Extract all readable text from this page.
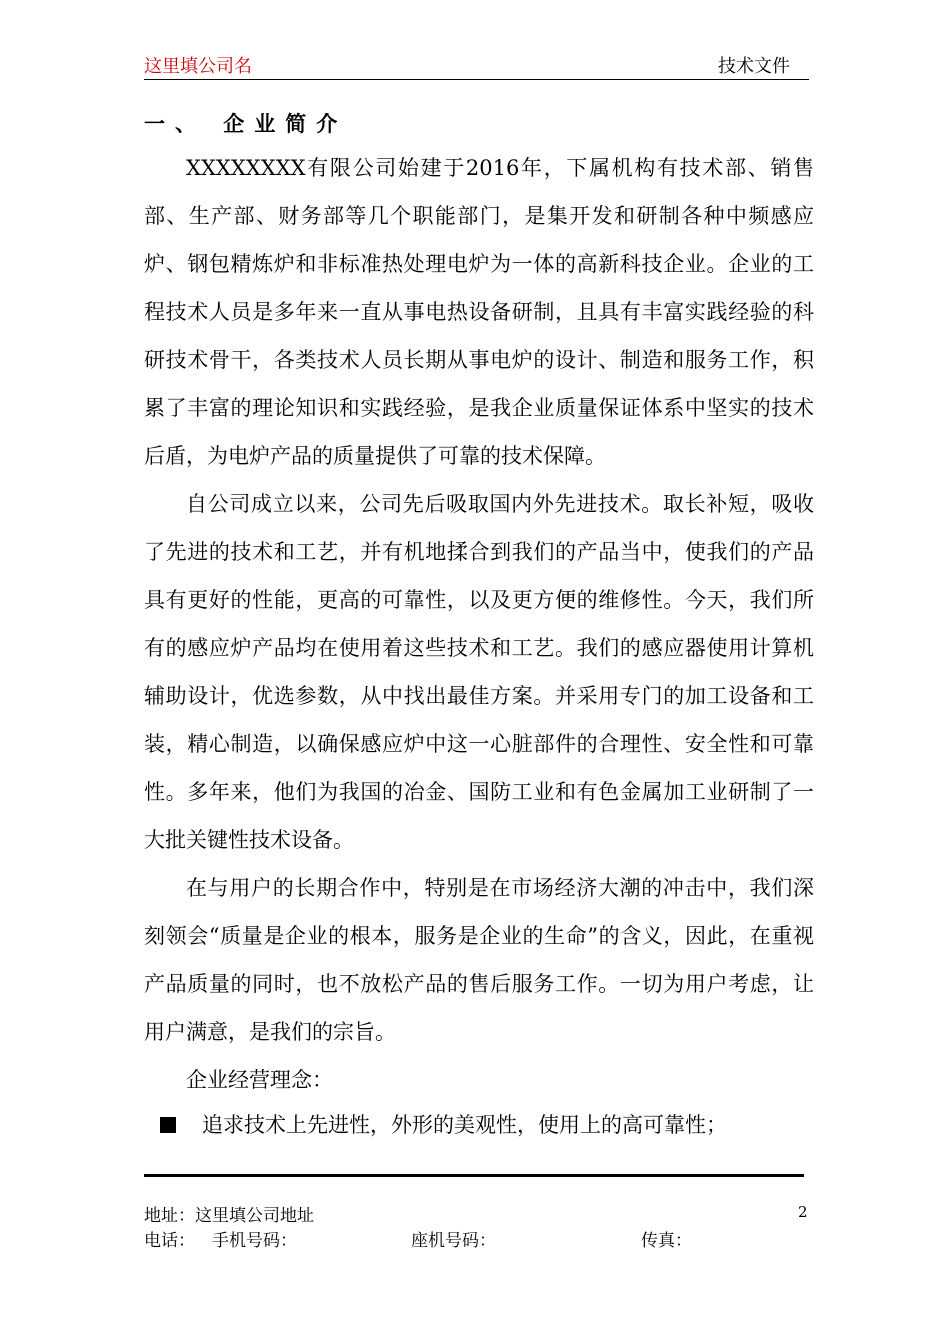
这里填公司名	技术文件
一、 企业简介

XXXXXXXX有限公司始建于2016年，下属机构有技术部、销售部、生产部、财务部等几个职能部门，是集开发和研制各种中频感应炉、钢包精炼炉和非标准热处理电炉为一体的高新科技企业。企业的工程技术人员是多年来一直从事电热设备研制，且具有丰富实践经验的科研技术骨干，各类技术人员长期从事电炉的设计、制造和服务工作，积累了丰富的理论知识和实践经验，是我企业质量保证体系中坚实的技术后盾，为电炉产品的质量提供了可靠的技术保障。

自公司成立以来，公司先后吸取国内外先进技术。取长补短，吸收了先进的技术和工艺，并有机地揉合到我们的产品当中，使我们的产品具有更好的性能，更高的可靠性，以及更方便的维修性。今天，我们所有的感应炉产品均在使用着这些技术和工艺。我们的感应器使用计算机辅助设计，优选参数，从中找出最佳方案。并采用专门的加工设备和工装，精心制造，以确保感应炉中这一心脏部件的合理性、安全性和可靠性。多年来，他们为我国的冶金、国防工业和有色金属加工业研制了一大批关键性技术设备。

在与用户的长期合作中，特别是在市场经济大潮的冲击中，我们深刻领会“质量是企业的根本，服务是企业的生命”的含义，因此，在重视产品质量的同时，也不放松产品的售后服务工作。一切为用户考虑，让用户满意，是我们的宗旨。

企业经营理念：

追求技术上先进性，外形的美观性，使用上的高可靠性；
地址：这里填公司地址	2
电话： 手机号码：	座机号码：	传真：
